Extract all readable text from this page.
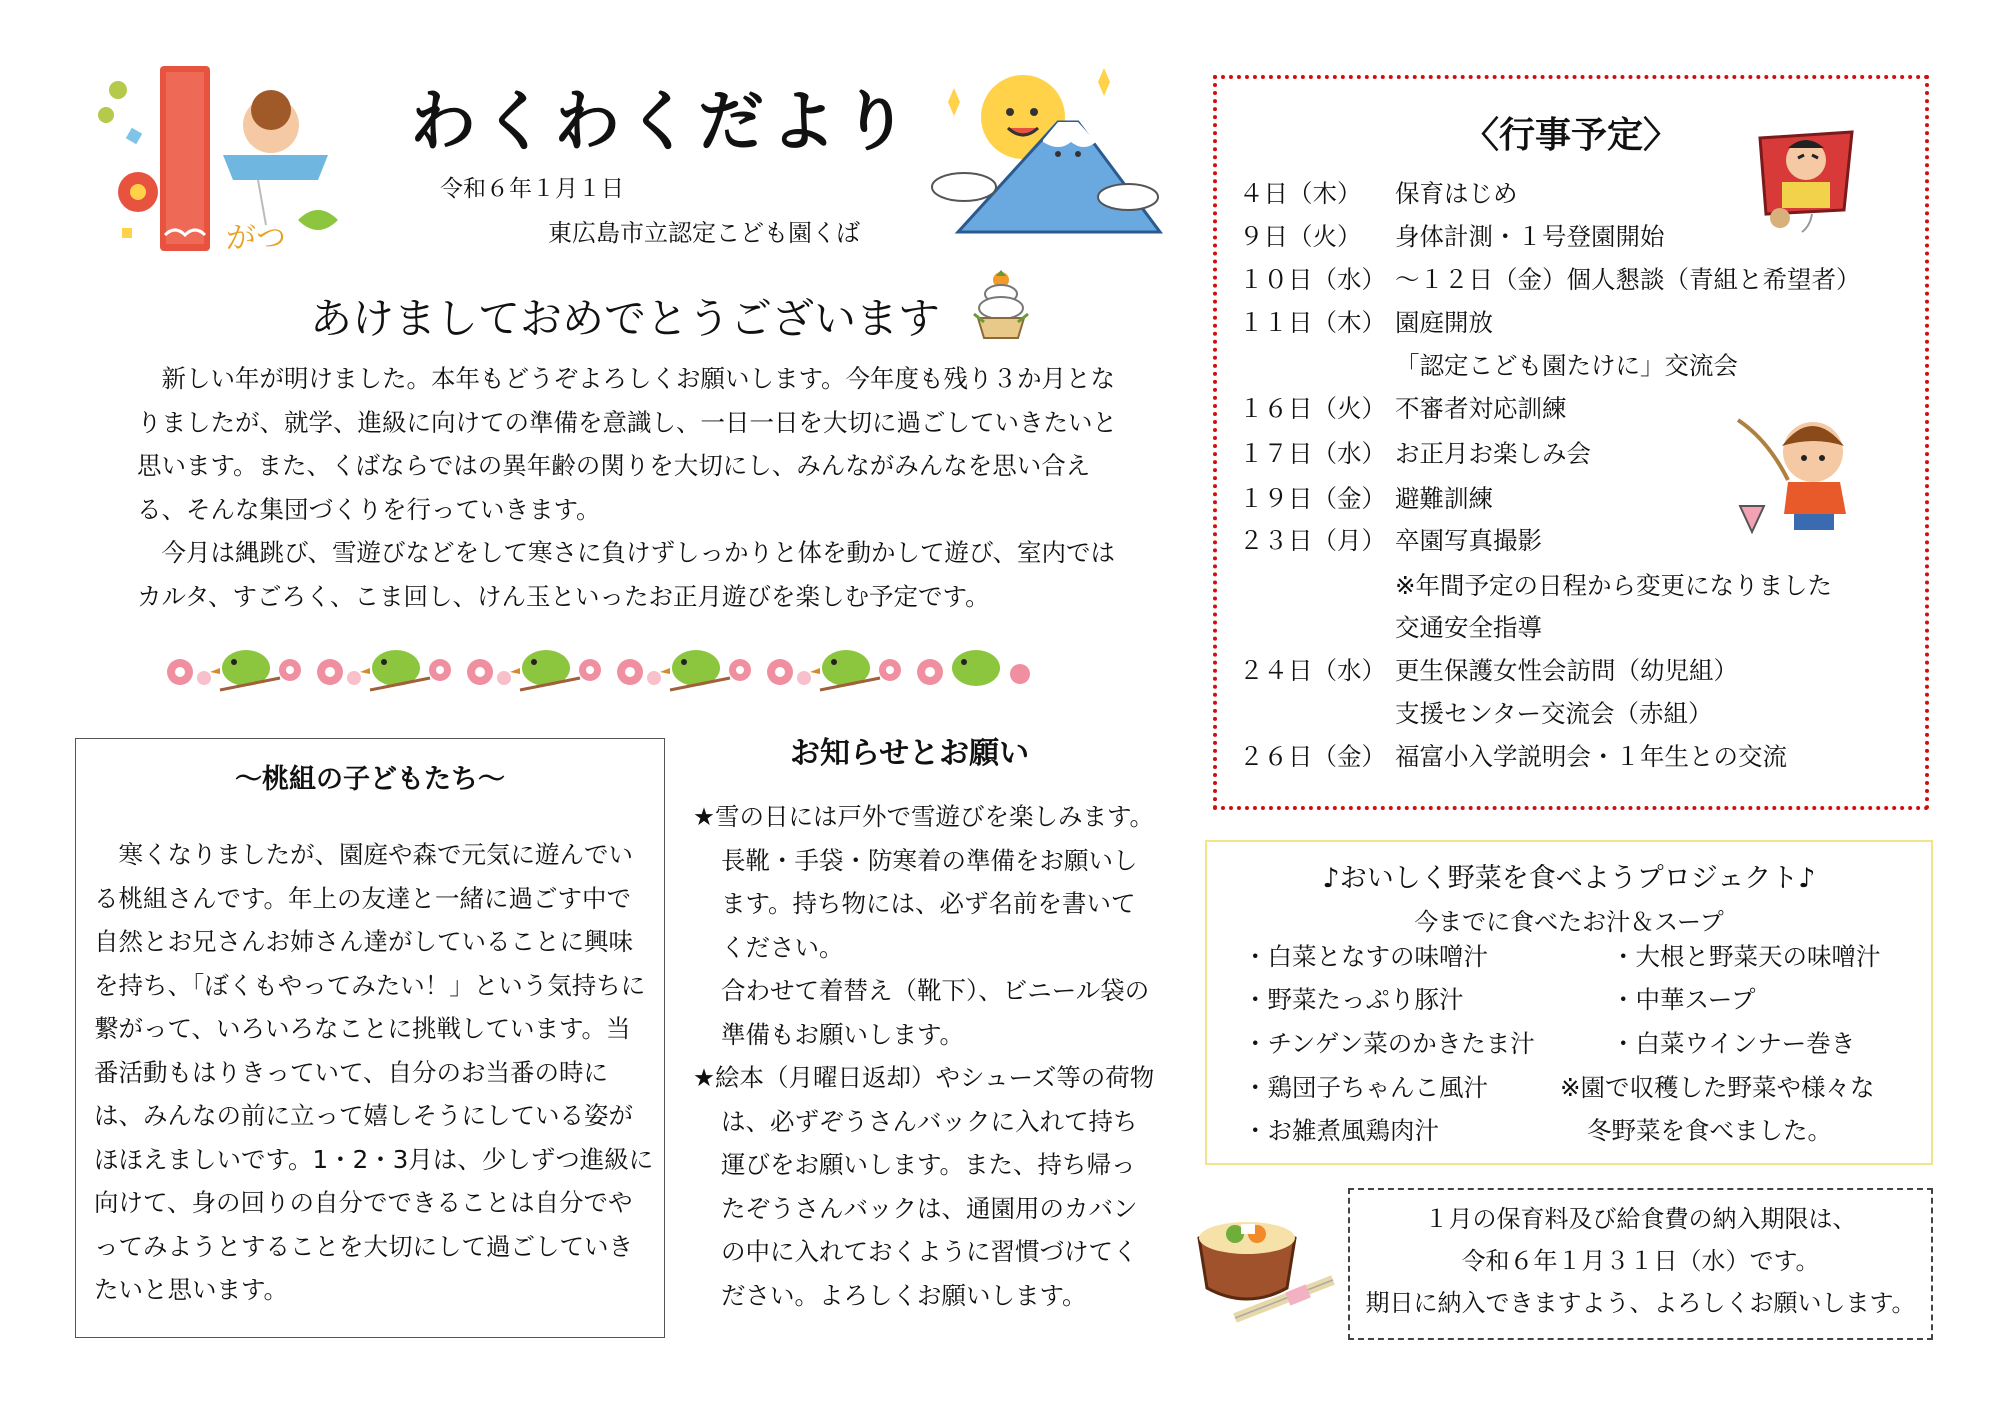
がつ
わくわくだより
令和６年１月１日
東広島市立認定こども園くば
あけましておめでとうございます

新しい年が明けました。本年もどうぞよろしくお願いします。今年度も残り３か月となりましたが、就学、進級に向けての準備を意識し、一日一日を大切に過ごしていきたいと思います。また、くばならではの異年齢の関りを大切にし、みんながみんなを思い合える、そんな集団づくりを行っていきます。

今月は縄跳び、雪遊びなどをして寒さに負けずしっかりと体を動かして遊び、室内ではカルタ、すごろく、こま回し、けん玉といったお正月遊びを楽しむ予定です。

～桃組の子どもたち～

寒くなりましたが、園庭や森で元気に遊んでいる桃組さんです。年上の友達と一緒に過ごす中で自然とお兄さんお姉さん達がしていることに興味を持ち、「ぼくもやってみたい！」という気持ちに繋がって、いろいろなことに挑戦しています。当番活動もはりきっていて、自分のお当番の時には、みんなの前に立って嬉しそうにしている姿がほほえましいです。1・2・3月は、少しずつ進級に向けて、身の回りの自分でできることは自分でやってみようとすることを大切にして過ごしていきたいと思います。

お知らせとお願い
★雪の日には戸外で雪遊びを楽しみます。長靴・手袋・防寒着の準備をお願いします。持ち物には、必ず名前を書いてください。
合わせて着替え（靴下）、ビニール袋の準備もお願いします。
★絵本（月曜日返却）やシューズ等の荷物は、必ずぞうさんバックに入れて持ち運びをお願いします。また、持ち帰ったぞうさんバックは、通園用のカバンの中に入れておくように習慣づけてください。よろしくお願いします。
〈行事予定〉
４日（木） 保育はじめ
９日（火） 身体計測・１号登園開始
１０日（水） ～１２日（金）個人懇談（青組と希望者）
１１日（木） 園庭開放
「認定こども園たけに」交流会
１６日（火） 不審者対応訓練
１７日（水） お正月お楽しみ会
１９日（金） 避難訓練
２３日（月） 卒園写真撮影
※年間予定の日程から変更になりました
交通安全指導
２４日（水） 更生保護女性会訪問（幼児組）
支援センター交流会（赤組）
２６日（金） 福富小入学説明会・１年生との交流
♪おいしく野菜を食べようプロジェクト♪
今までに食べたお汁＆スープ
・白菜となすの味噌汁
・野菜たっぷり豚汁
・チンゲン菜のかきたま汁
・鶏団子ちゃんこ風汁
・お雑煮風鶏肉汁
・大根と野菜天の味噌汁
・中華スープ
・白菜ウインナー巻き
※園で収穫した野菜や様々な
冬野菜を食べました。
１月の保育料及び給食費の納入期限は、
令和６年１月３１日（水）です。
期日に納入できますよう、よろしくお願いします。
